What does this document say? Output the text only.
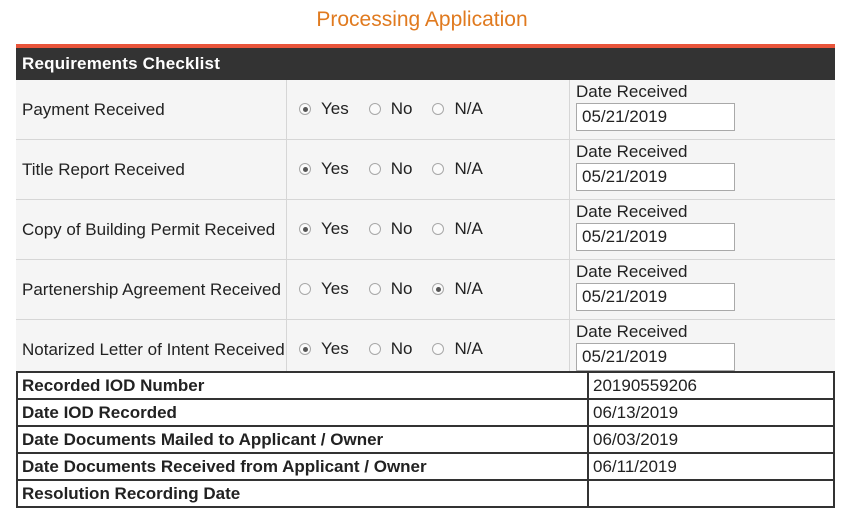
Processing Application
Requirements Checklist
Payment Received	Yes No N/A	Date Received
05/21/2019
Title Report Received	Yes No N/A	Date Received
05/21/2019
Copy of Building Permit Received	Yes No N/A	Date Received
05/21/2019
Partenership Agreement Received	Yes No N/A	Date Received
05/21/2019
Notarized Letter of Intent Received	Yes No N/A	Date Received
05/21/2019
Recorded IOD Number	20190559206
Date IOD Recorded	06/13/2019
Date Documents Mailed to Applicant / Owner	06/03/2019
Date Documents Received from Applicant / Owner	06/11/2019
Resolution Recording Date	
